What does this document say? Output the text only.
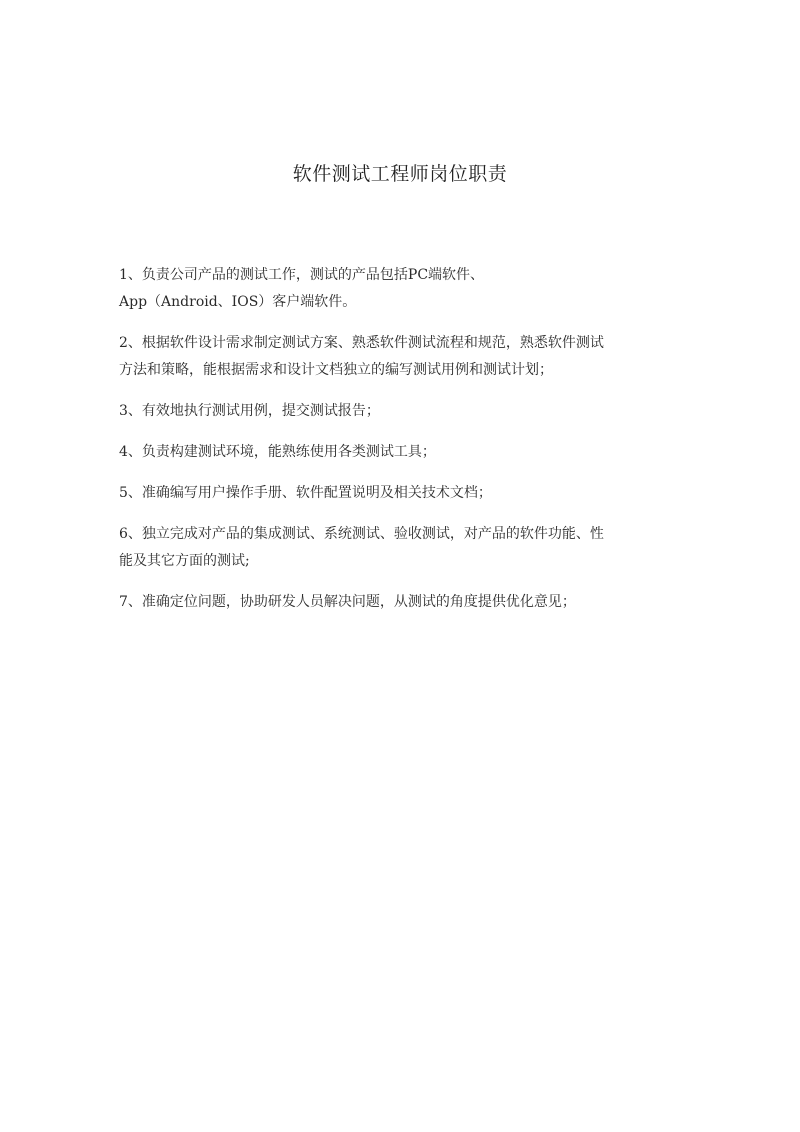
软件测试工程师岗位职责

1、负责公司产品的测试工作，测试的产品包括PC端软件、
App（Android、IOS）客户端软件。

2、根据软件设计需求制定测试方案、熟悉软件测试流程和规范，熟悉软件测试
方法和策略，能根据需求和设计文档独立的编写测试用例和测试计划；

3、有效地执行测试用例，提交测试报告；

4、负责构建测试环境，能熟练使用各类测试工具；

5、准确编写用户操作手册、软件配置说明及相关技术文档；

6、独立完成对产品的集成测试、系统测试、验收测试，对产品的软件功能、性
能及其它方面的测试;

7、准确定位问题，协助研发人员解决问题，从测试的角度提供优化意见；
